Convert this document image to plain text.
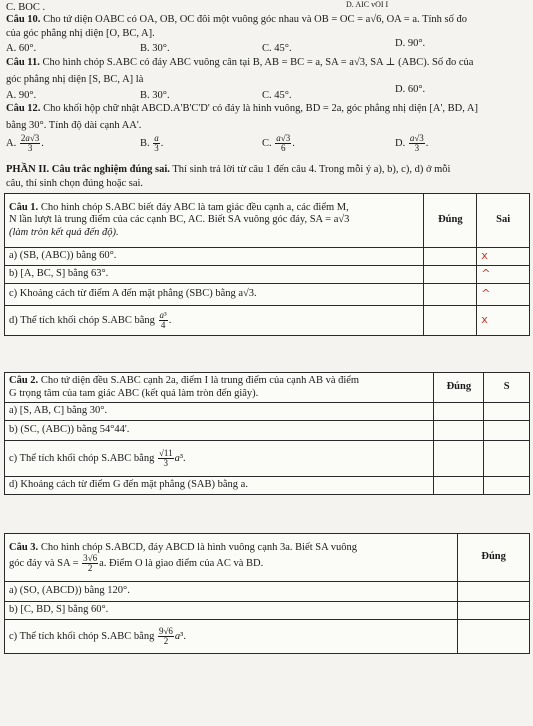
C. BOC .	D. AIC vOI I
Câu 10. Cho tứ diện OABC có OA, OB, OC đôi một vuông góc nhau và OB = OC = a√6, OA = a. Tính số đo
của góc phẳng nhị diện [O, BC, A].
A. 60°.	B. 30°.	C. 45°.	D. 90°.
Câu 11. Cho hình chóp S.ABC có đáy ABC vuông cân tại B, AB = BC = a, SA = a√3, SA ⊥ (ABC). Số đo của
góc phẳng nhị diện [S, BC, A] là
A. 90°.	B. 30°.	C. 45°.
D. 60°.
Câu 12. Cho khối hộp chữ nhật ABCD.A'B'C'D' có đáy là hình vuông, BD = 2a, góc phẳng nhị diện [A', BD, A]
bằng 30°. Tính độ dài cạnh AA'.
A. $\frac{2a√3}{3}$ .	B. $\frac{a}{3}$ .	C. $\frac{a√3}{6}$ .	D. $\frac{a√3}{3}$ .
PHẦN II. Câu trắc nghiệm đúng sai. Thí sinh trả lời từ câu 1 đến câu 4. Trong mỗi ý a), b), c), d) ở mỗi
câu, thí sinh chọn đúng hoặc sai.
Câu 1. Cho hình chóp S.ABC biết đáy ABC là tam giác đều cạnh a, các điểm M,
N lần lượt là trung điểm của các cạnh BC, AC. Biết SA vuông góc đáy, SA = a√3
(làm tròn kết quả đến độ).	Đúng	Sai
a) (SB, (ABC)) bằng 60°.		x
b) [A, BC, S] bằng 63°.		^
c) Khoảng cách từ điểm A đến mặt phẳng (SBC) bằng a√3.		^
d) Thể tích khối chóp S.ABC bằng $\frac{\text{a³}}{4}$ .		x
Câu 2. Cho tứ diện đều S.ABC cạnh 2a, điểm I là trung điểm của cạnh AB và điểm
G trọng tâm của tam giác ABC (kết quả làm tròn đến giây).	Đúng	S
a) [S, AB, C] bằng 30°.		
b) (SC, (ABC)) bằng 54°44'.		
c) Thể tích khối chóp S.ABC bằng $\frac{√11}{3} a^3$.		
d) Khoảng cách từ điểm G đến mặt phẳng (SAB) bằng a.		
Câu 3. Cho hình chóp S.ABCD, đáy ABCD là hình vuông cạnh 3a. Biết SA vuông
góc đáy và SA = $\frac{3√6}{2} a$. Điểm O là giao điểm của AC và BD.	Đúng
a) (SO, (ABCD)) bằng 120°.	
b) [C, BD, S] bằng 60°.	
c) Thể tích khối chóp S.ABC bằng $\frac{9√6}{2} a^3$.	
